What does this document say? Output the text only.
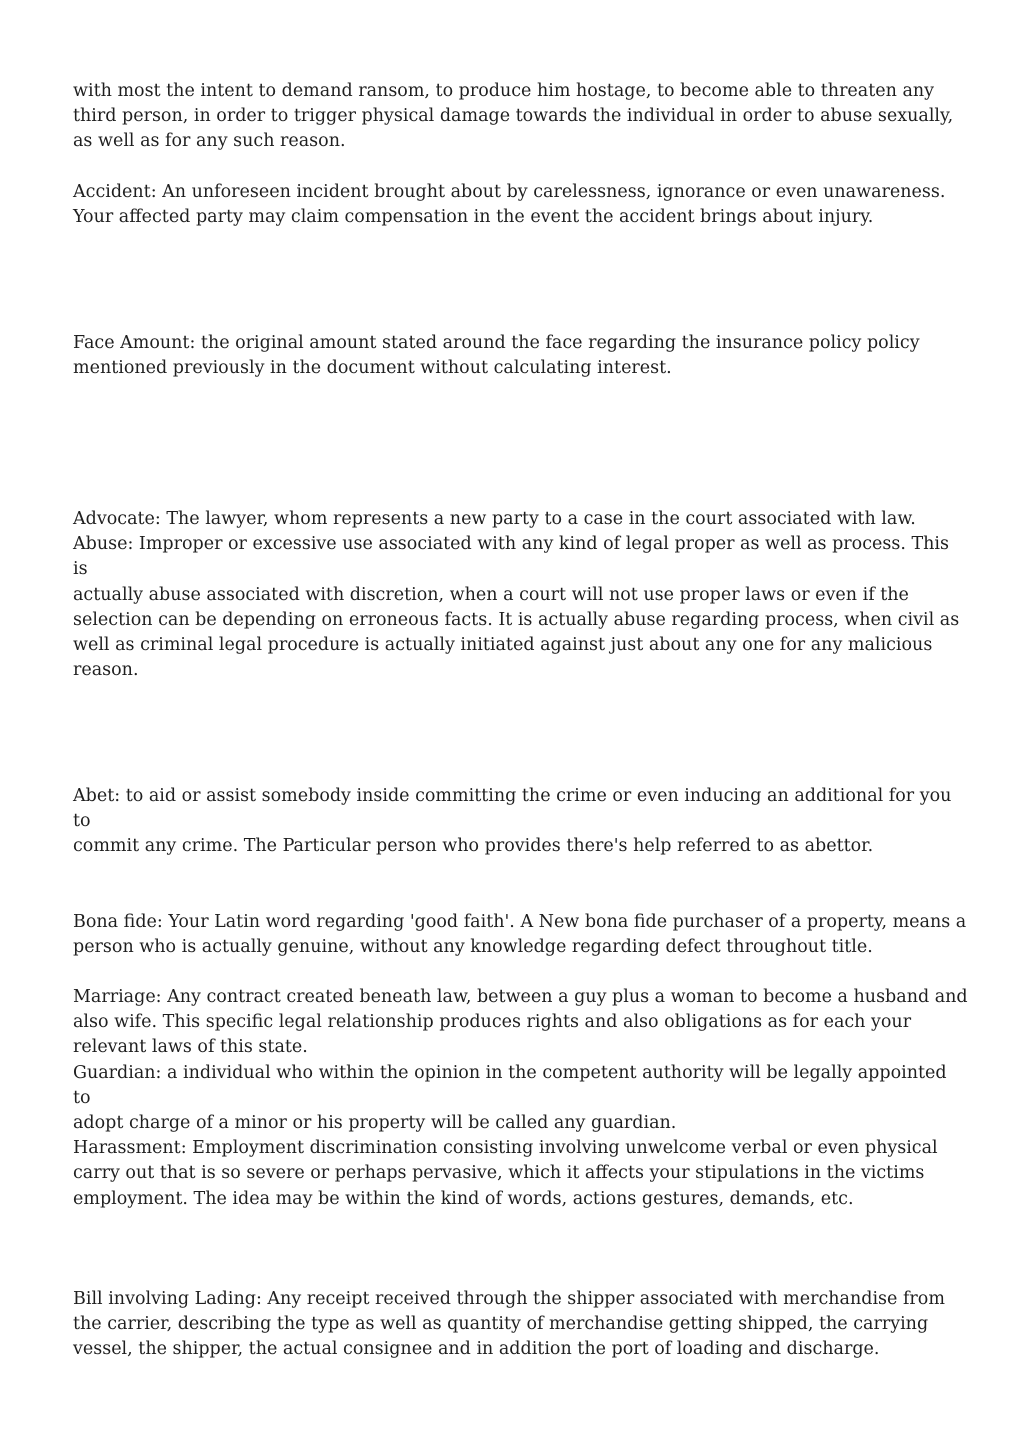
with most the intent to demand ransom, to produce him hostage, to become able to threaten any
third person, in order to trigger physical damage towards the individual in order to abuse sexually,
as well as for any such reason.

Accident: An unforeseen incident brought about by carelessness, ignorance or even unawareness.
Your affected party may claim compensation in the event the accident brings about injury.

Face Amount: the original amount stated around the face regarding the insurance policy policy
mentioned previously in the document without calculating interest.

Advocate: The lawyer, whom represents a new party to a case in the court associated with law.
Abuse: Improper or excessive use associated with any kind of legal proper as well as process. This is
actually abuse associated with discretion, when a court will not use proper laws or even if the
selection can be depending on erroneous facts. It is actually abuse regarding process, when civil as
well as criminal legal procedure is actually initiated against just about any one for any malicious
reason.

Abet: to aid or assist somebody inside committing the crime or even inducing an additional for you to
commit any crime. The Particular person who provides there's help referred to as abettor.

Bona fide: Your Latin word regarding 'good faith'. A New bona fide purchaser of a property, means a
person who is actually genuine, without any knowledge regarding defect throughout title.

Marriage: Any contract created beneath law, between a guy plus a woman to become a husband and
also wife. This specific legal relationship produces rights and also obligations as for each your
relevant laws of this state.
Guardian: a individual who within the opinion in the competent authority will be legally appointed to
adopt charge of a minor or his property will be called any guardian.
Harassment: Employment discrimination consisting involving unwelcome verbal or even physical
carry out that is so severe or perhaps pervasive, which it affects your stipulations in the victims
employment. The idea may be within the kind of words, actions gestures, demands, etc.

Bill involving Lading: Any receipt received through the shipper associated with merchandise from
the carrier, describing the type as well as quantity of merchandise getting shipped, the carrying
vessel, the shipper, the actual consignee and in addition the port of loading and discharge.
